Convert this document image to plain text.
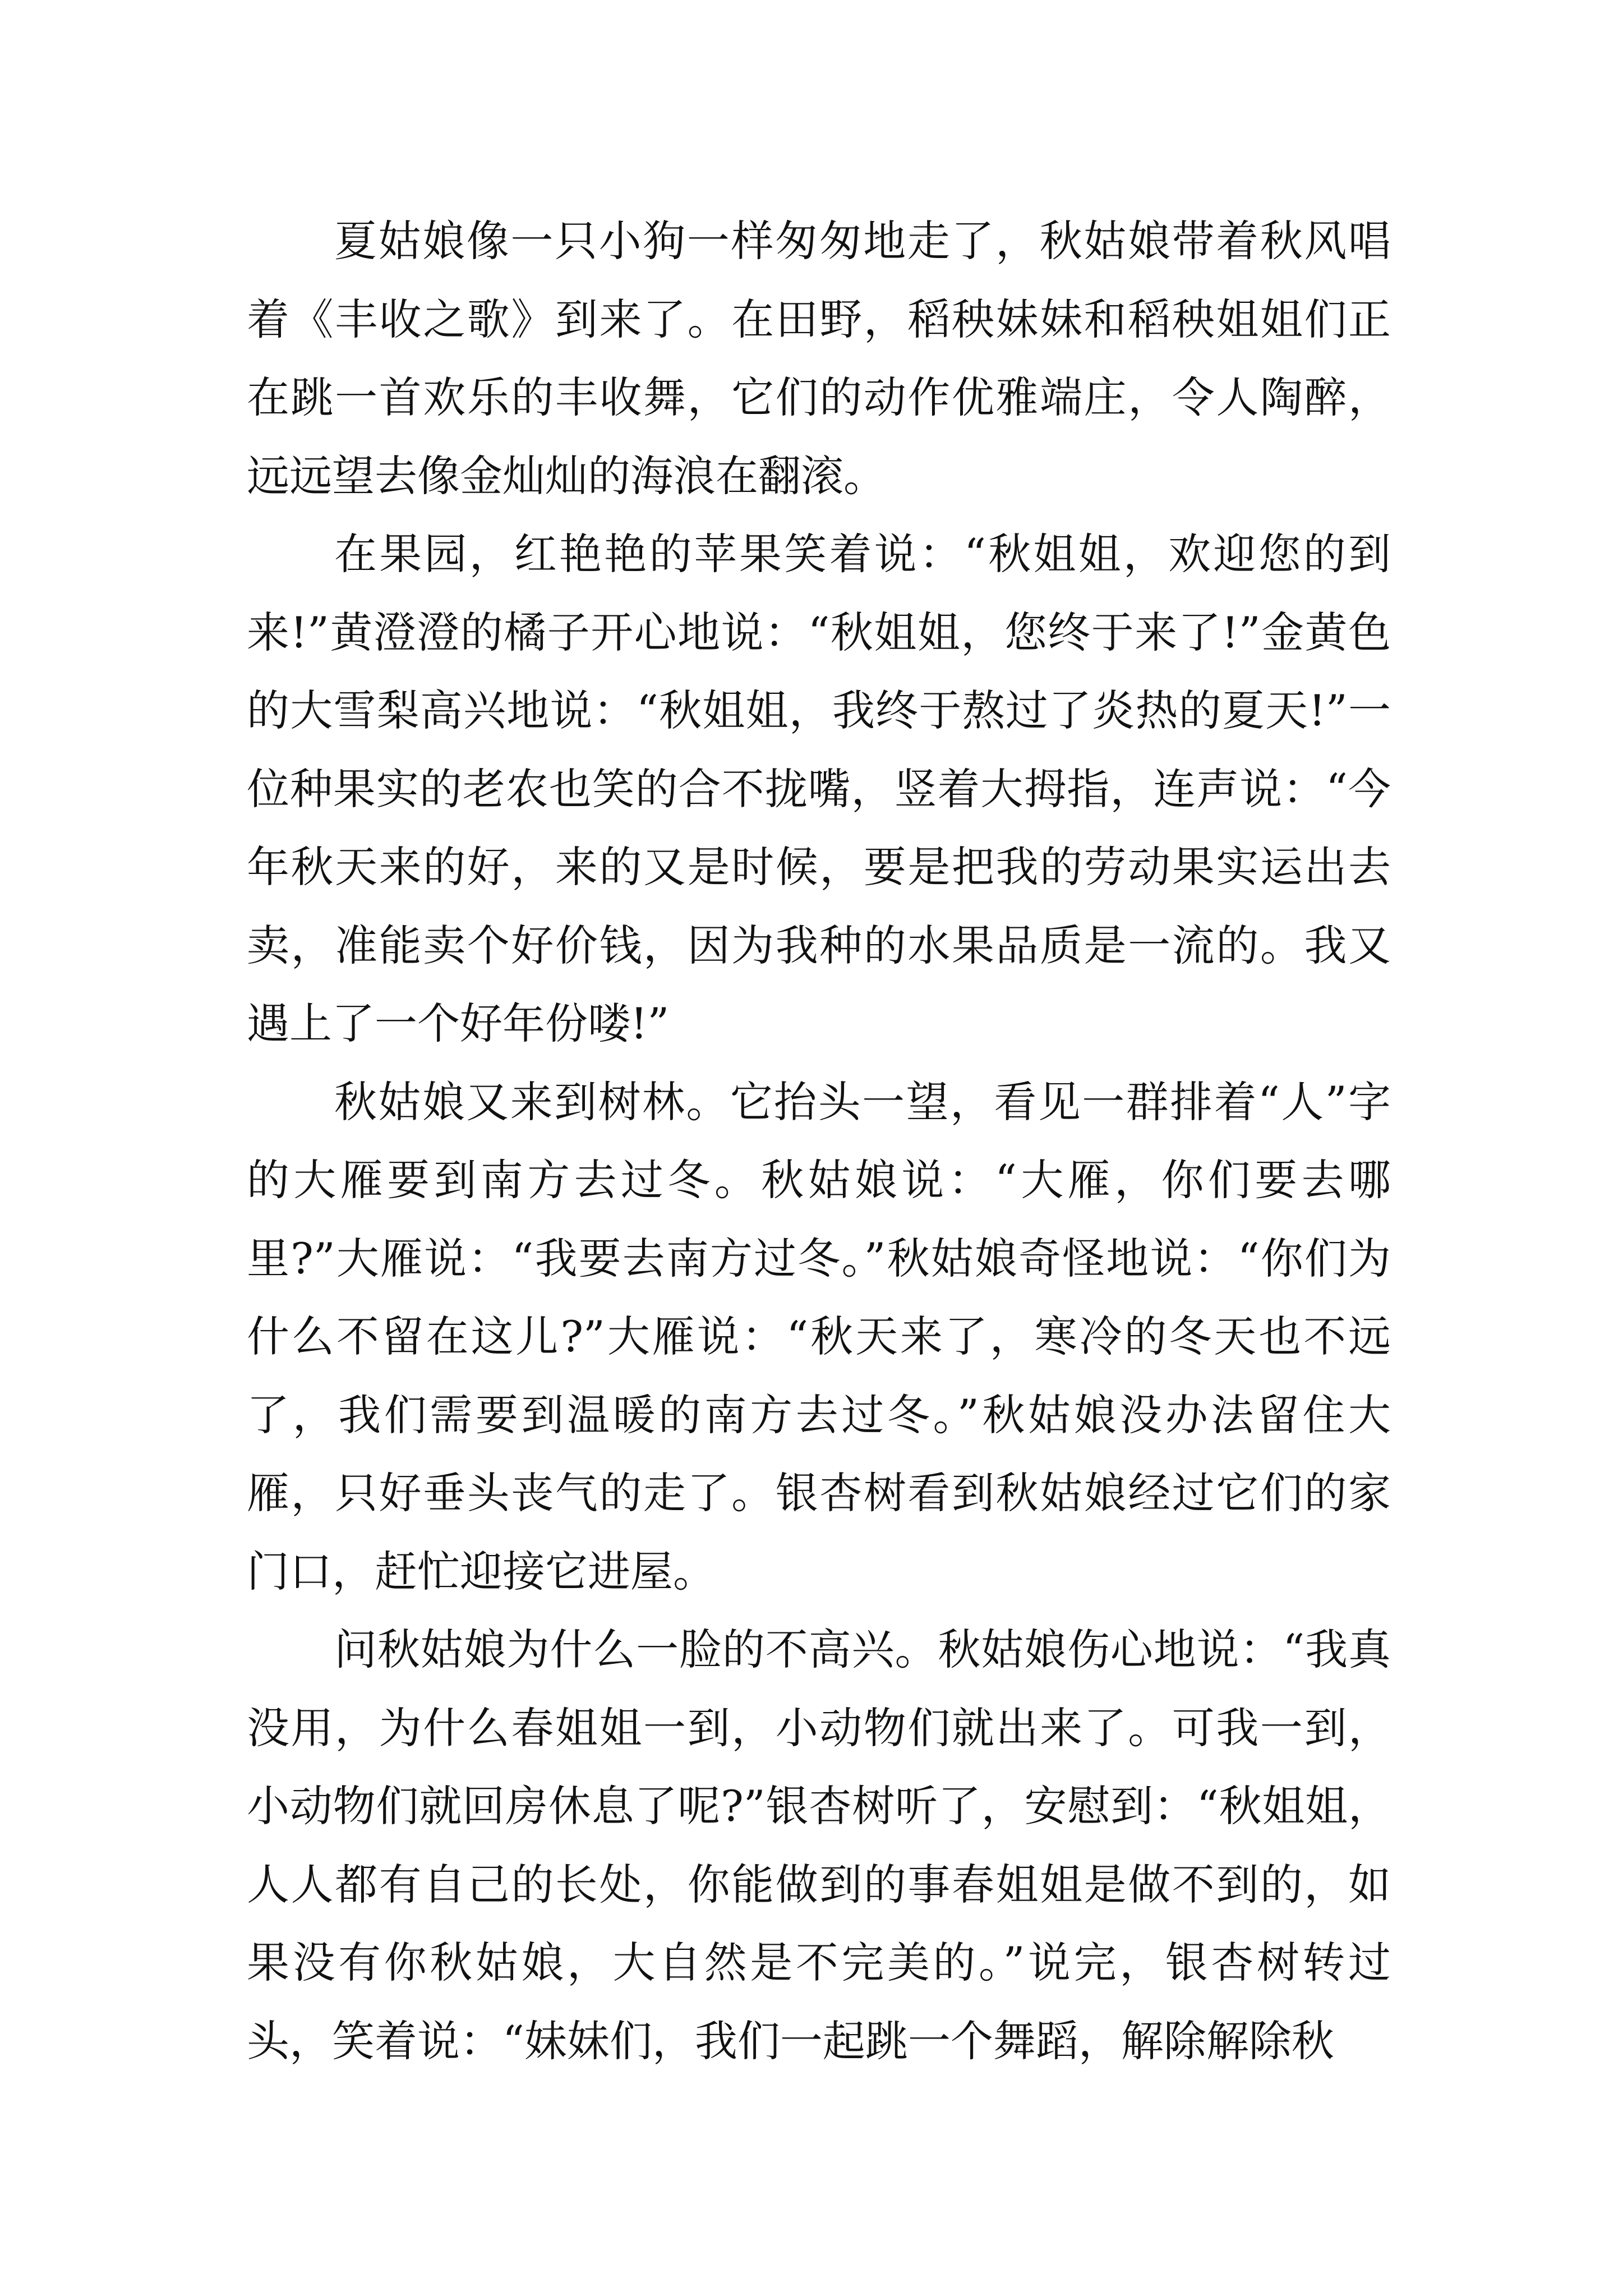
夏姑娘像一只小狗一样匆匆地走了，秋姑娘带着秋风唱着《丰收之歌》到来了。在田野，稻秧妹妹和稻秧姐姐们正在跳一首欢乐的丰收舞，它们的动作优雅端庄，令人陶醉，远远望去像金灿灿的海浪在翻滚。

在果园，红艳艳的苹果笑着说：“秋姐姐，欢迎您的到来!”黄澄澄的橘子开心地说：“秋姐姐，您终于来了!”金黄色的大雪梨高兴地说：“秋姐姐，我终于熬过了炎热的夏天!”一位种果实的老农也笑的合不拢嘴，竖着大拇指，连声说：“今年秋天来的好，来的又是时候，要是把我的劳动果实运出去卖，准能卖个好价钱，因为我种的水果品质是一流的。我又遇上了一个好年份喽!”

秋姑娘又来到树林。它抬头一望，看见一群排着“人”字的大雁要到南方去过冬。秋姑娘说：“大雁，你们要去哪里?”大雁说：“我要去南方过冬。”秋姑娘奇怪地说：“你们为什么不留在这儿?”大雁说：“秋天来了，寒冷的冬天也不远了，我们需要到温暖的南方去过冬。”秋姑娘没办法留住大雁，只好垂头丧气的走了。银杏树看到秋姑娘经过它们的家门口，赶忙迎接它进屋。

问秋姑娘为什么一脸的不高兴。秋姑娘伤心地说：“我真没用，为什么春姐姐一到，小动物们就出来了。可我一到，小动物们就回房休息了呢?”银杏树听了，安慰到：“秋姐姐，人人都有自己的长处，你能做到的事春姐姐是做不到的，如果没有你秋姑娘，大自然是不完美的。”说完，银杏树转过头，笑着说：“妹妹们，我们一起跳一个舞蹈，解除解除秋
